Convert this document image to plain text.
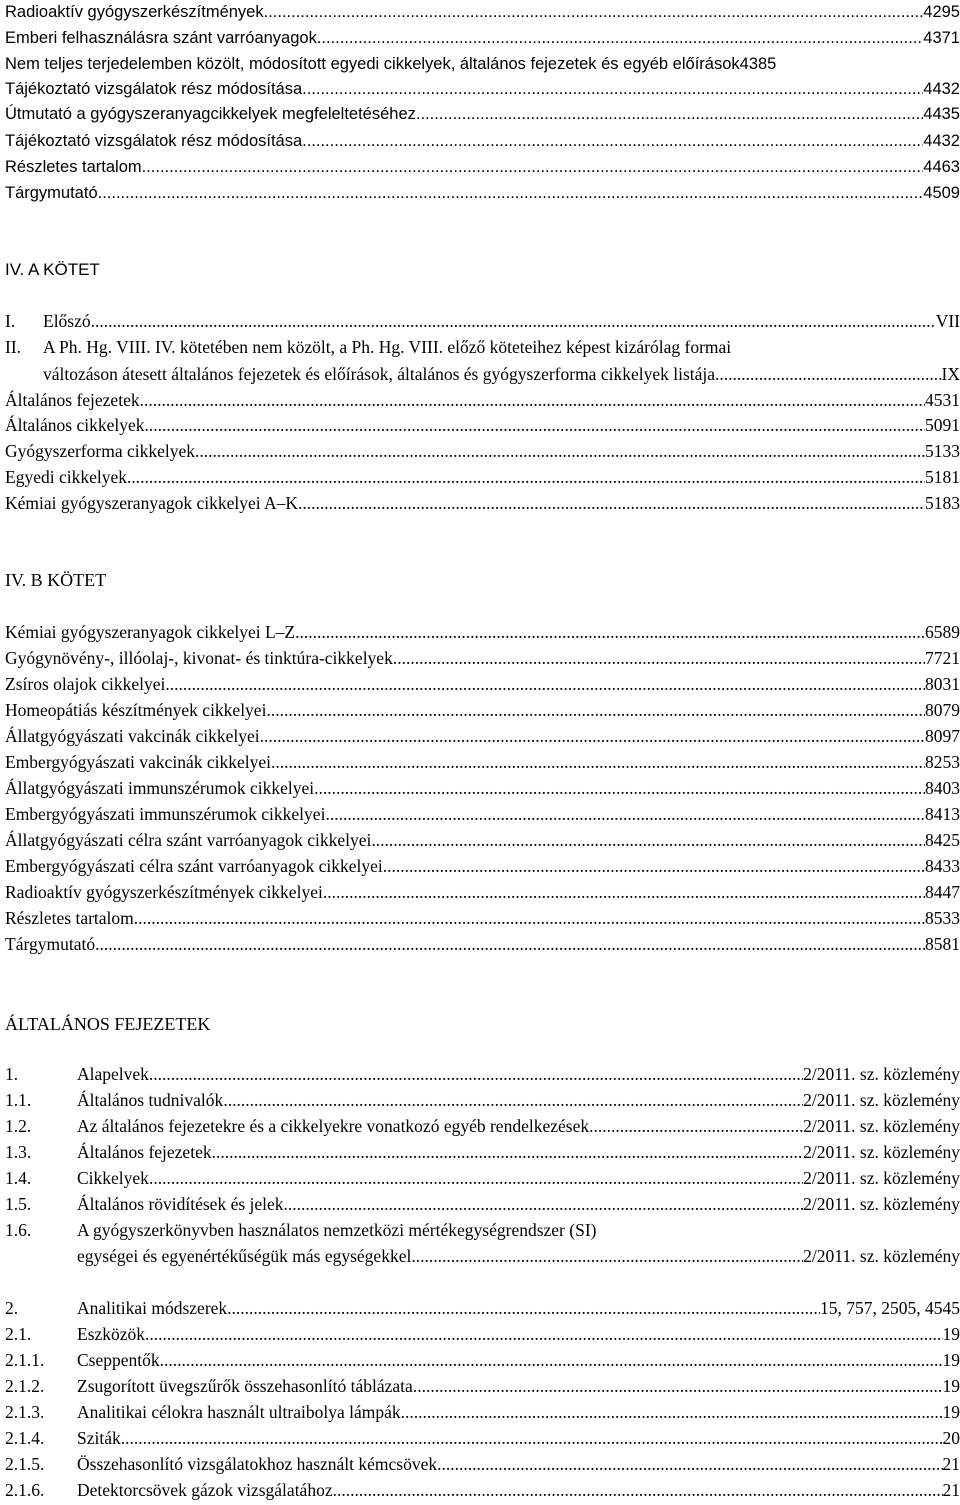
Radioaktív gyógyszerkészítmények .....	4295
Emberi felhasználásra szánt varróanyagok .....	4371
Nem teljes terjedelemben közölt, módosított egyedi cikkelyek, általános fejezetek és egyéb előírások 4385
Tájékoztató vizsgálatok rész módosítása .....	4432
Útmutató a gyógyszeranyagcikkelyek megfeleltetéséhez .....	4435
Tájékoztató vizsgálatok rész módosítása .....	4432
Részletes tartalom .....	4463
Tárgymutató .....	4509
IV. A KÖTET
I.	Előszó .....	VII
II.	A Ph. Hg. VIII. IV. kötetében nem közölt, a Ph. Hg. VIII. előző köteteihez képest kizárólag formai
változáson átesett általános fejezetek és előírások, általános és gyógyszerforma cikkelyek listája .....	IX
Általános fejezetek .....	4531
Általános cikkelyek .....	5091
Gyógyszerforma cikkelyek .....	5133
Egyedi cikkelyek .....	5181
Kémiai gyógyszeranyagok cikkelyei A–K .....	5183
IV. B KÖTET
Kémiai gyógyszeranyagok cikkelyei L–Z .....	6589
Gyógynövény-, illóolaj-, kivonat- és tinktúra-cikkelyek .....	7721
Zsíros olajok cikkelyei .....	8031
Homeopátiás készítmények cikkelyei .....	8079
Állatgyógyászati vakcinák cikkelyei .....	8097
Embergyógyászati vakcinák cikkelyei .....	8253
Állatgyógyászati immunszérumok cikkelyei .....	8403
Embergyógyászati immunszérumok cikkelyei .....	8413
Állatgyógyászati célra szánt varróanyagok cikkelyei .....	8425
Embergyógyászati célra szánt varróanyagok cikkelyei .....	8433
Radioaktív gyógyszerkészítmények cikkelyei .....	8447
Részletes tartalom .....	8533
Tárgymutató .....	8581
ÁLTALÁNOS FEJEZETEK
1.	Alapelvek .....	2/2011. sz. közlemény
1.1.	Általános tudnivalók .....	2/2011. sz. közlemény
1.2.	Az általános fejezetekre és a cikkelyekre vonatkozó egyéb rendelkezések .....	2/2011. sz. közlemény
1.3.	Általános fejezetek .....	2/2011. sz. közlemény
1.4.	Cikkelyek .....	2/2011. sz. közlemény
1.5.	Általános rövidítések és jelek .....	2/2011. sz. közlemény
1.6.	A gyógyszerkönyvben használatos nemzetközi mértékegységrendszer (SI)
egységei és egyenértékűségük más egységekkel .....	2/2011. sz. közlemény
2.	Analitikai módszerek .....	15, 757, 2505, 4545
2.1.	Eszközök .....	19
2.1.1.	Cseppentők .....	19
2.1.2.	Zsugorított üvegszűrők összehasonlító táblázata .....	19
2.1.3.	Analitikai célokra használt ultraibolya lámpák .....	19
2.1.4.	Sziták .....	20
2.1.5.	Összehasonlító vizsgálatokhoz használt kémcsövek .....	21
2.1.6.	Detektorcsövek gázok vizsgálatához .....	21
